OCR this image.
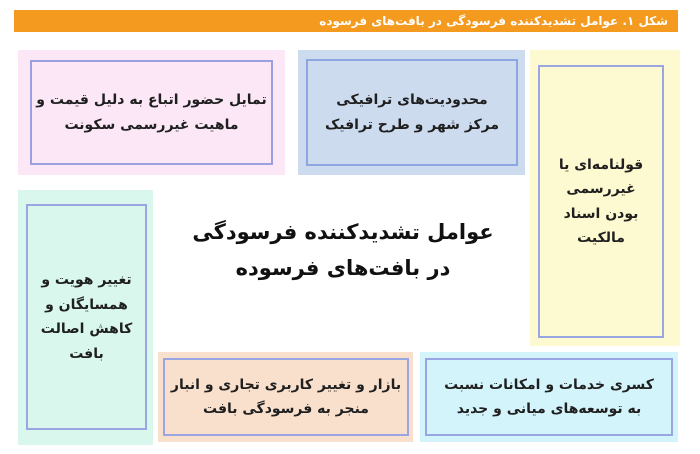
شکل ۱. عوامل تشدیدکننده فرسودگی در بافت‌های فرسوده
تمایل حضور اتباع به دلیل قیمت و
ماهیت غیررسمی سکونت
محدودیت‌های ترافیکی
مرکز شهر و طرح ترافیک
قولنامه‌ای یا
غیررسمی
بودن اسناد
مالکیت
تغییر هویت و
همسایگان و
کاهش اصالت
بافت
عوامل تشدیدکننده فرسودگی
در بافت‌های فرسوده
بازار و تغییر کاربری تجاری و انبار
منجر به فرسودگی بافت
کسری خدمات و امکانات نسبت
به توسعه‌های میانی و جدید
